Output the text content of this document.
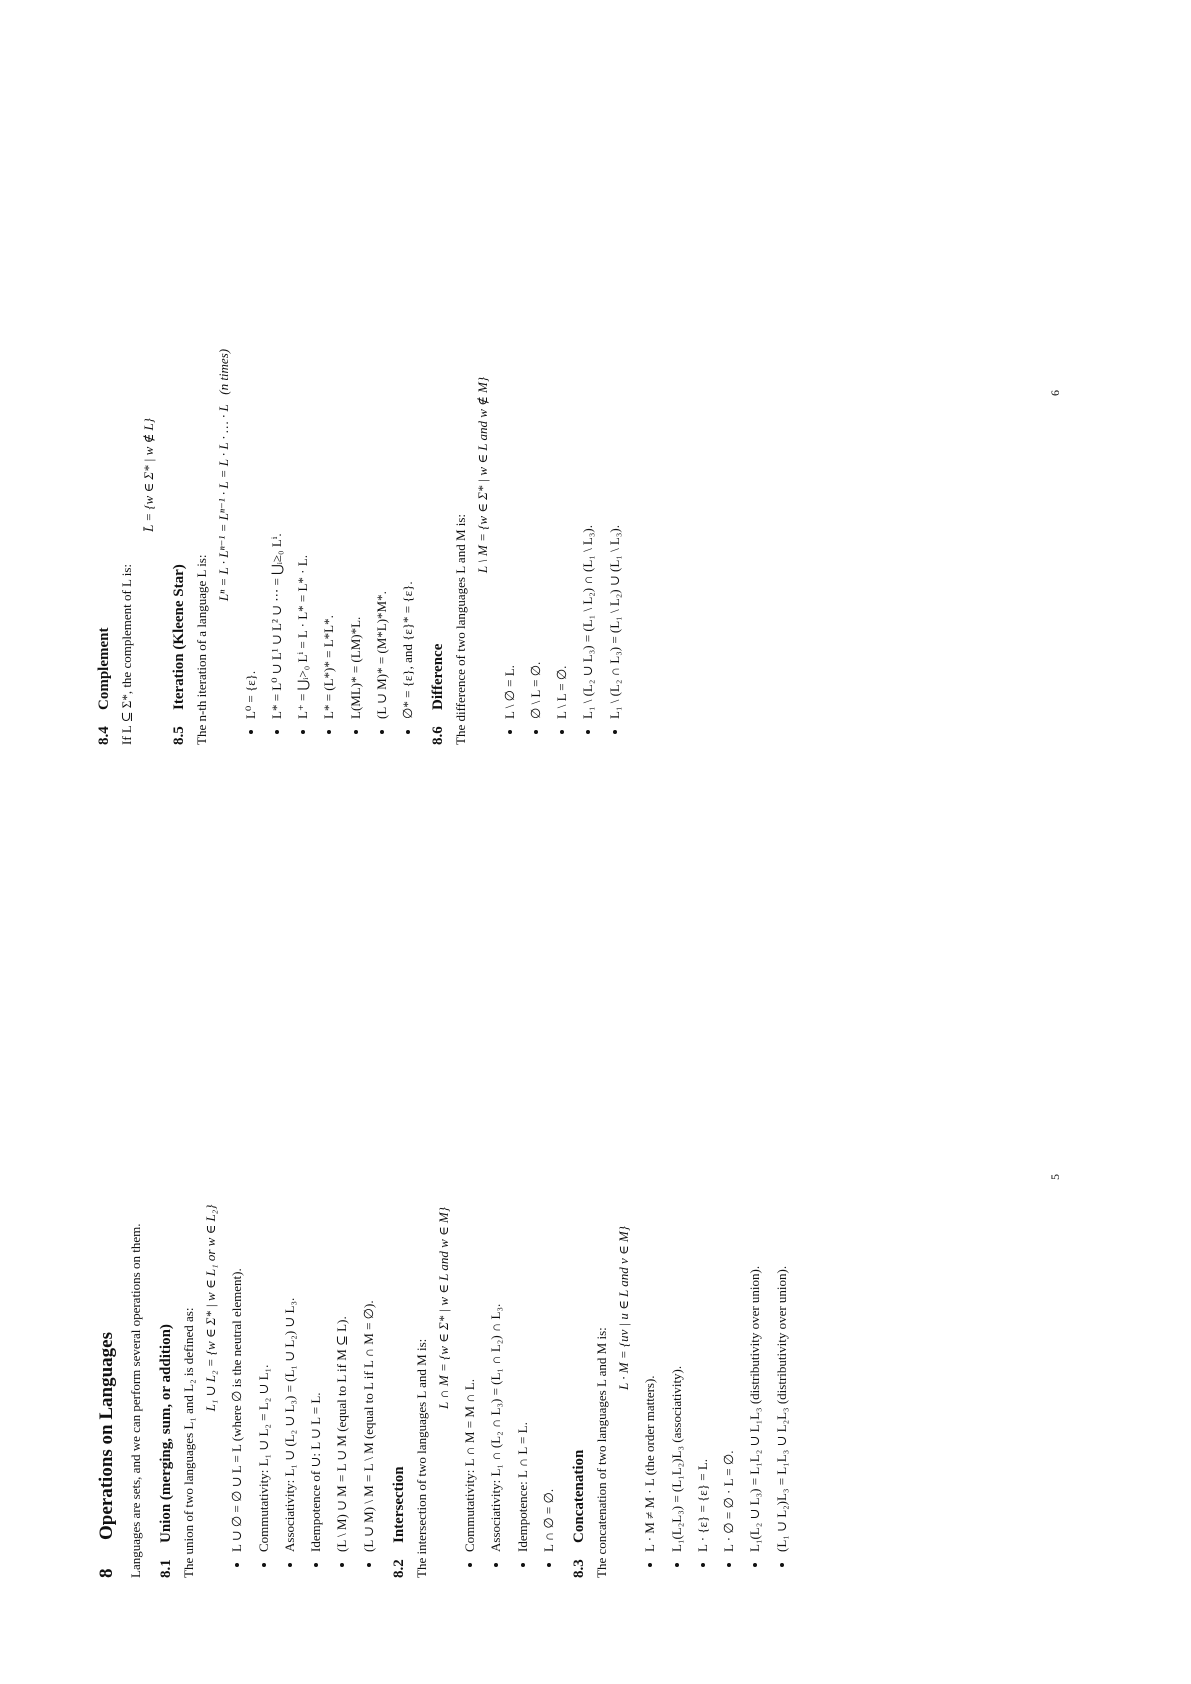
8Operations on Languages Languages are sets, and we can perform several operations on them. 8.1Union (merging, sum, or addition) The union of two languages L₁ and L₂ is defined as: L₁ ∪ L₂ = {w ∈ Σ* | w ∈ L₁ or w ∈ L₂} • L ∪ ∅ = ∅ ∪ L = L (where ∅ is the neutral element). • Commutativity: L₁ ∪ L₂ = L₂ ∪ L₁. • Associativity: L₁ ∪ (L₂ ∪ L₃) = (L₁ ∪ L₂) ∪ L₃. • Idempotence of ∪: L ∪ L = L. • (L \ M) ∪ M = L ∪ M (equal to L if M ⊆ L). • (L ∪ M) \ M = L \ M (equal to L if L ∩ M = ∅).
8.2Intersection The intersection of two languages L and M is:

L ∩ M = {w ∈ Σ* | w ∈ L and w ∈ M}
• Commutativity: L ∩ M = M ∩ L. • Associativity: L₁ ∩ (L₂ ∩ L₃) = (L₁ ∩ L₂) ∩ L₃. • Idempotence: L ∩ L = L. • L ∩ ∅ = ∅.
8.3Concatenation The concatenation of two languages L and M is:

L · M = {uv | u ∈ L and v ∈ M}
• L · M ≠ M · L (the order matters). • L₁(L₂L₃) = (L₁L₂)L₃ (associativity). • L · {ε} = {ε} = L. • L · ∅ = ∅ · L = ∅. • L₁(L₂ ∪ L₃) = L₁L₂ ∪ L₁L₃ (distributivity over union). • (L₁ ∪ L₂)L₃ = L₁L₃ ∪ L₂L₃ (distributivity over union).
8.4Complement If L ⊆ Σ*, the complement of L is:

L̄ = {w ∈ Σ* | w ∉ L}
8.5Iteration (Kleene Star) The n-th iteration of a language L is:

Lⁿ = L · Lⁿ⁻¹ = Lⁿ⁻¹ · L = L · L · … · L   (n times)
• L⁰ = {ε}. • L* = L⁰ ∪ L¹ ∪ L² ∪ ⋯ = ⋃ᵢ≥₀ Lⁱ. • L⁺ = ⋃ᵢ>₀ Lⁱ = L · L* = L* · L. • L* = (L*)* = L*L*. • L(ML)* = (LM)*L. • (L ∪ M)* = (M*L)*M*. • ∅* = {ε}, and {ε}* = {ε}.
8.6Difference The difference of two languages L and M is:

L \ M = {w ∈ Σ* | w ∈ L and w ∉ M}
• L \ ∅ = L. • ∅ \ L = ∅. • L \ L = ∅. • L₁ \ (L₂ ∪ L₃) = (L₁ \ L₂) ∩ (L₁ \ L₃). • L₁ \ (L₂ ∩ L₃) = (L₁ \ L₂) ∪ (L₁ \ L₃).
5
6
